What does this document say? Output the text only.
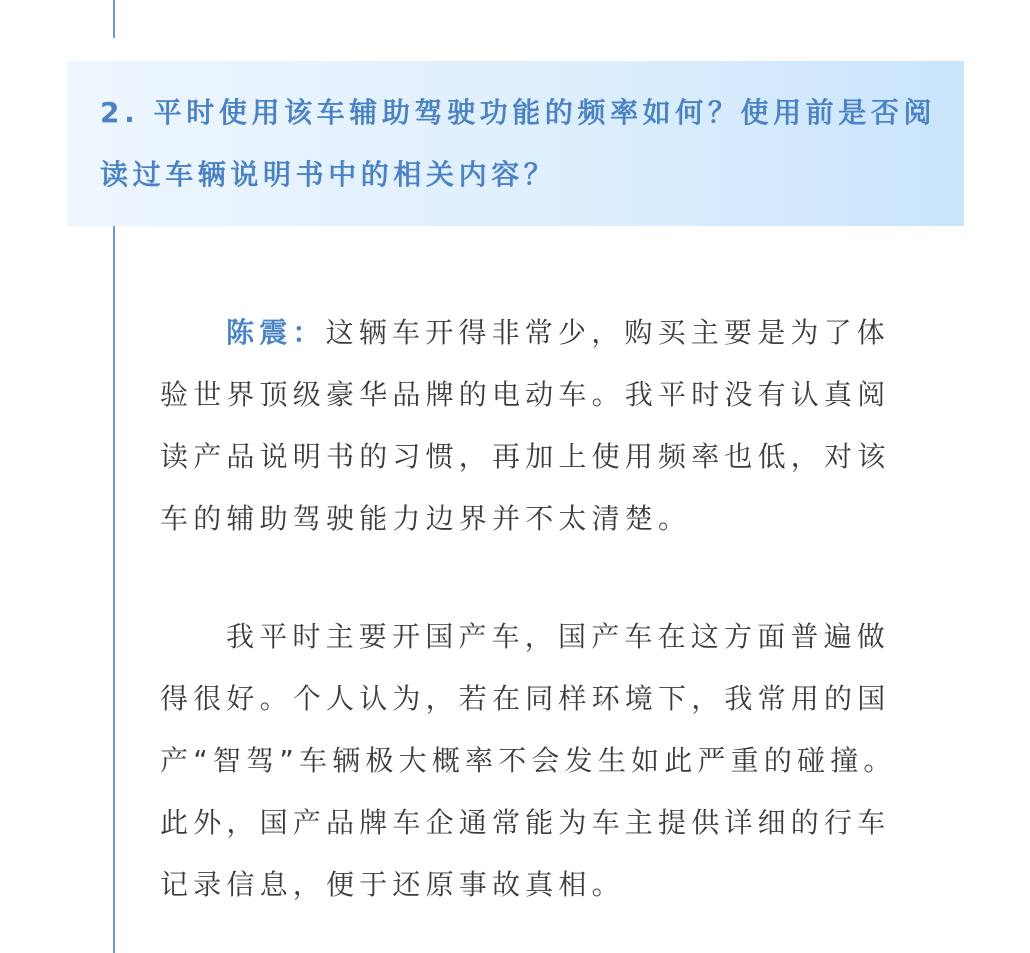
2. 平时使用该车辅助驾驶功能的频率如何？使用前是否阅读过车辆说明书中的相关内容？

陈震：这辆车开得非常少，购买主要是为了体验世界顶级豪华品牌的电动车。我平时没有认真阅读产品说明书的习惯，再加上使用频率也低，对该车的辅助驾驶能力边界并不太清楚。

我平时主要开国产车，国产车在这方面普遍做得很好。个人认为，若在同样环境下，我常用的国产“智驾”车辆极大概率不会发生如此严重的碰撞。此外，国产品牌车企通常能为车主提供详细的行车记录信息，便于还原事故真相。
